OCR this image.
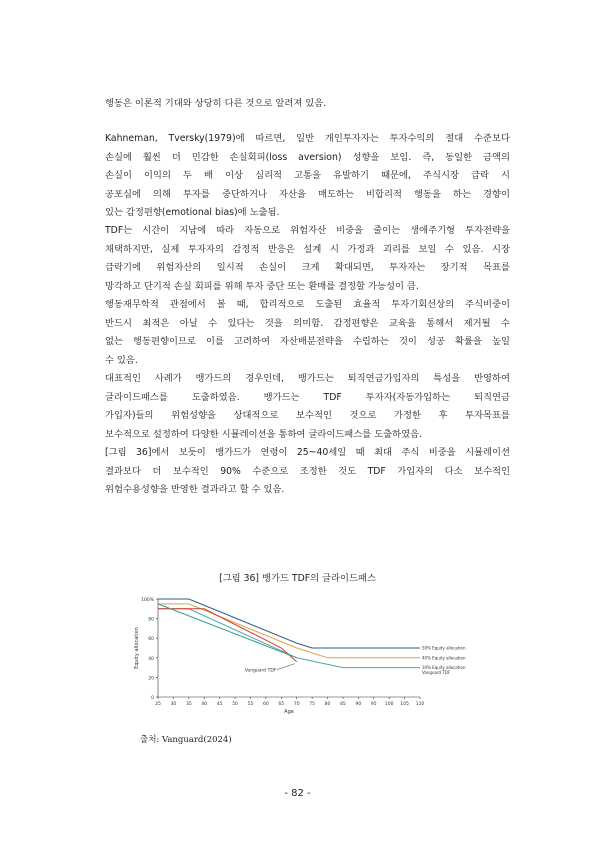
행동은 이론적 기대와 상당히 다른 것으로 알려져 있음.
Kahneman, Tversky(1979)에 따르면, 일반 개인투자자는 투자수익의 절대 수준보다
손실에 훨씬 더 민감한 손실회피(loss aversion) 성향을 보임. 즉, 동일한 금액의
손실이 이익의 두 배 이상 심리적 고통을 유발하기 때문에, 주식시장 급락 시
공포심에 의해 투자를 중단하거나 자산을 매도하는 비합리적 행동을 하는 경향이
있는 감정편향(emotional bias)에 노출됨.
TDF는 시간이 지남에 따라 자동으로 위험자산 비중을 줄이는 생애주기형 투자전략을
채택하지만, 실제 투자자의 감정적 반응은 설계 시 가정과 괴리를 보일 수 있음. 시장
급락기에 위험자산의 일시적 손실이 크게 확대되면, 투자자는 장기적 목표를
망각하고 단기적 손실 회피를 위해 투자 중단 또는 환매를 결정할 가능성이 큼.
행동재무학적 관점에서 볼 때, 합리적으로 도출된 효율적 투자기회선상의 주식비중이
반드시 최적은 아닐 수 있다는 것을 의미함. 감정편향은 교육을 통해서 제거될 수
없는 행동편향이므로 이를 고려하여 자산배분전략을 수립하는 것이 성공 확률을 높일
수 있음.
대표적인 사례가 뱅가드의 경우인데, 뱅가드는 퇴직연금가입자의 특성을 반영하여
글라이드패스를 도출하였음. 뱅가드는 TDF 투자자(자동가입하는 퇴직연금
가입자)들의 위험성향을 상대적으로 보수적인 것으로 가정한 후 투자목표를
보수적으로 설정하여 다양한 시뮬레이션을 통하여 글라이드패스를 도출하였음.
[그림 36]에서 보듯이 뱅가드가 연령이 25~40세일 때 최대 주식 비중을 시뮬레이션
결과보다 더 보수적인 90% 수준으로 조정한 것도 TDF 가입자의 다소 보수적인
위험수용성향을 반영한 결과라고 할 수 있음.
[그림 36] 뱅가드 TDF의 글라이드패스
100%
80
60
40
20
0
25 30 35 40 45 50 55 60 65 70 75 80 85 90 95 100 105 110
Age
Equity allocation	50% Equity allocation
40% Equity allocation
30% Equity allocation
Vanguard TDF
Vanguard TDF
출처: Vanguard(2024)
- 82 -
